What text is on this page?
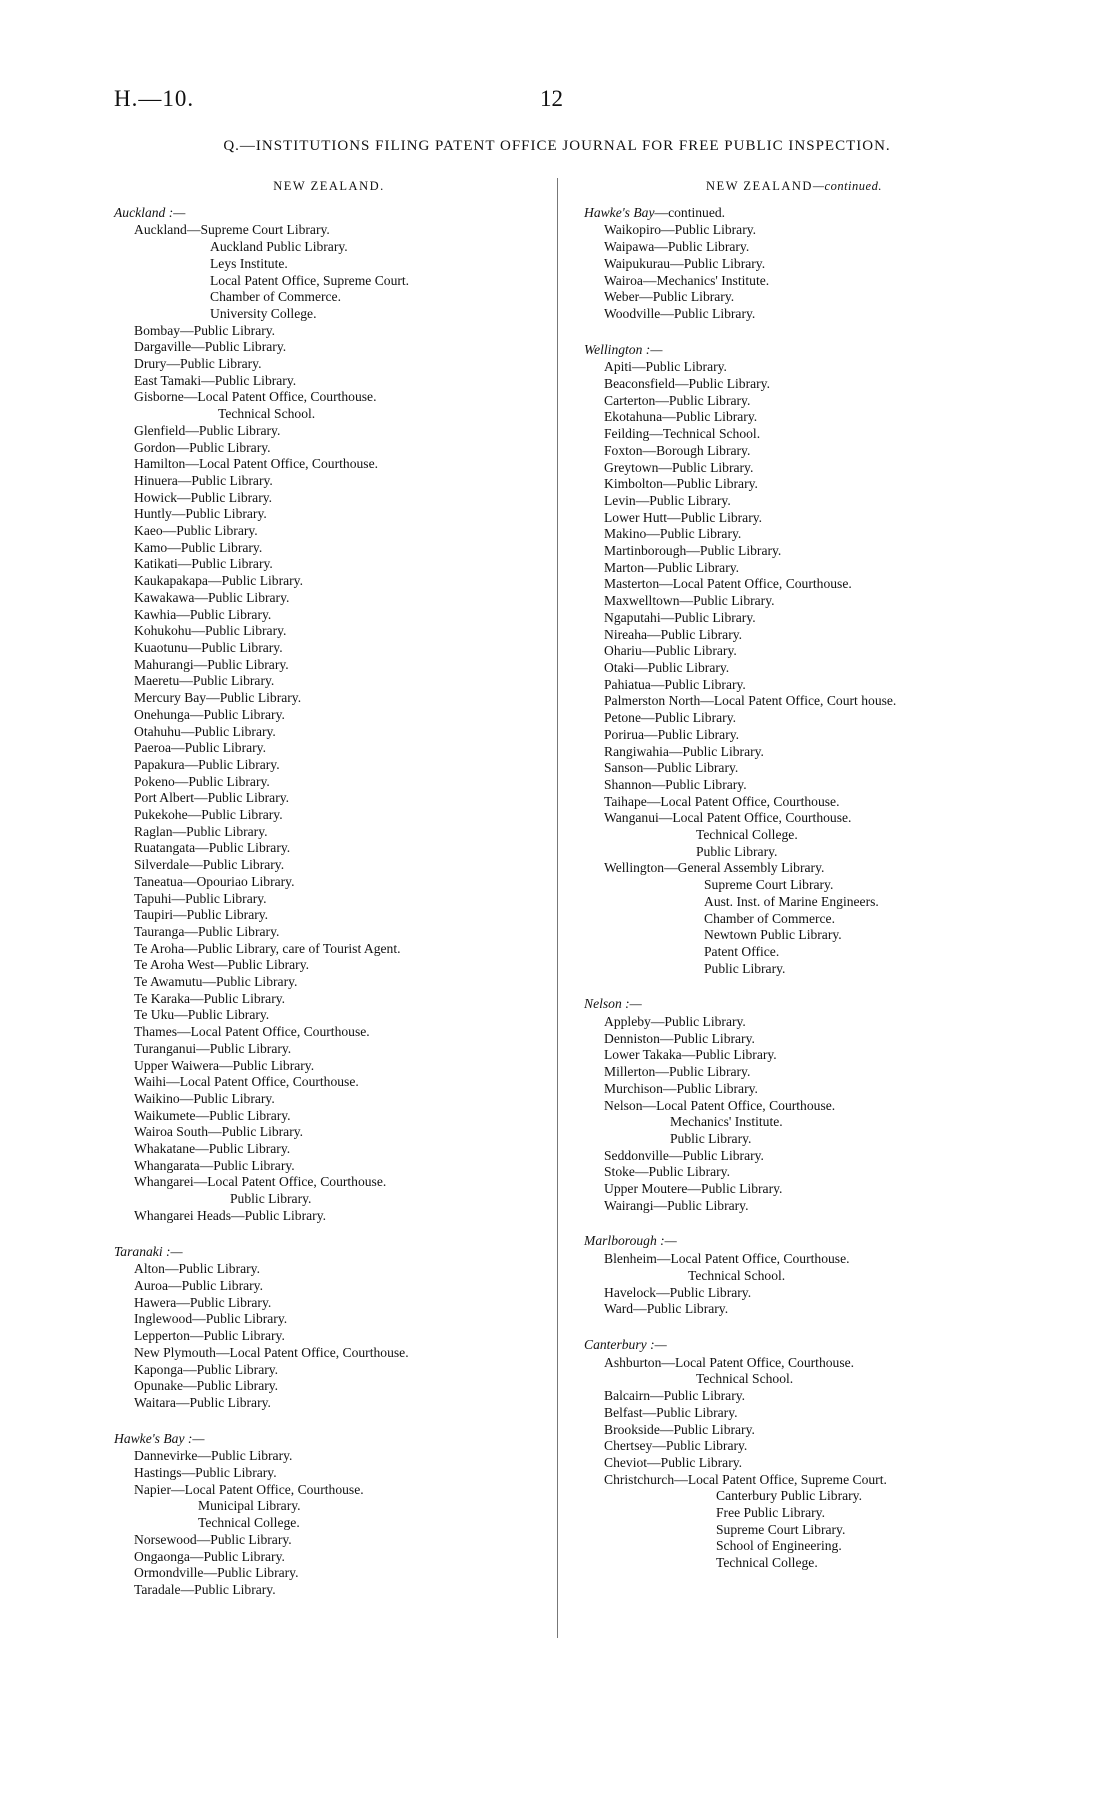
H.—10.	12
Q.—INSTITUTIONS FILING PATENT OFFICE JOURNAL FOR FREE PUBLIC INSPECTION.
NEW ZEALAND.
Auckland :—
Auckland—Supreme Court Library.
Auckland Public Library.
Leys Institute.
Local Patent Office, Supreme Court.
Chamber of Commerce.
University College.
Bombay—Public Library.
Dargaville—Public Library.
Drury—Public Library.
East Tamaki—Public Library.
Gisborne—Local Patent Office, Courthouse.
Technical School.
Glenfield—Public Library.
Gordon—Public Library.
Hamilton—Local Patent Office, Courthouse.
Hinuera—Public Library.
Howick—Public Library.
Huntly—Public Library.
Kaeo—Public Library.
Kamo—Public Library.
Katikati—Public Library.
Kaukapakapa—Public Library.
Kawakawa—Public Library.
Kawhia—Public Library.
Kohukohu—Public Library.
Kuaotunu—Public Library.
Mahurangi—Public Library.
Maeretu—Public Library.
Mercury Bay—Public Library.
Onehunga—Public Library.
Otahuhu—Public Library.
Paeroa—Public Library.
Papakura—Public Library.
Pokeno—Public Library.
Port Albert—Public Library.
Pukekohe—Public Library.
Raglan—Public Library.
Ruatangata—Public Library.
Silverdale—Public Library.
Taneatua—Opouriao Library.
Tapuhi—Public Library.
Taupiri—Public Library.
Tauranga—Public Library.
Te Aroha—Public Library, care of Tourist Agent.
Te Aroha West—Public Library.
Te Awamutu—Public Library.
Te Karaka—Public Library.
Te Uku—Public Library.
Thames—Local Patent Office, Courthouse.
Turanganui—Public Library.
Upper Waiwera—Public Library.
Waihi—Local Patent Office, Courthouse.
Waikino—Public Library.
Waikumete—Public Library.
Wairoa South—Public Library.
Whakatane—Public Library.
Whangarata—Public Library.
Whangarei—Local Patent Office, Courthouse.
Public Library.
Whangarei Heads—Public Library.
Taranaki :—
Alton—Public Library.
Auroa—Public Library.
Hawera—Public Library.
Inglewood—Public Library.
Lepperton—Public Library.
New Plymouth—Local Patent Office, Courthouse.
Kaponga—Public Library.
Opunake—Public Library.
Waitara—Public Library.
Hawke's Bay :—
Dannevirke—Public Library.
Hastings—Public Library.
Napier—Local Patent Office, Courthouse.
Municipal Library.
Technical College.
Norsewood—Public Library.
Ongaonga—Public Library.
Ormondville—Public Library.
Taradale—Public Library.
NEW ZEALAND—continued.
Hawke's Bay—continued.
Waikopiro—Public Library.
Waipawa—Public Library.
Waipukurau—Public Library.
Wairoa—Mechanics' Institute.
Weber—Public Library.
Woodville—Public Library.
Wellington :—
Apiti—Public Library.
Beaconsfield—Public Library.
Carterton—Public Library.
Ekotahuna—Public Library.
Feilding—Technical School.
Foxton—Borough Library.
Greytown—Public Library.
Kimbolton—Public Library.
Levin—Public Library.
Lower Hutt—Public Library.
Makino—Public Library.
Martinborough—Public Library.
Marton—Public Library.
Masterton—Local Patent Office, Courthouse.
Maxwelltown—Public Library.
Ngaputahi—Public Library.
Nireaha—Public Library.
Ohariu—Public Library.
Otaki—Public Library.
Pahiatua—Public Library.
Palmerston North—Local Patent Office, Court house.
Petone—Public Library.
Porirua—Public Library.
Rangiwahia—Public Library.
Sanson—Public Library.
Shannon—Public Library.
Taihape—Local Patent Office, Courthouse.
Wanganui—Local Patent Office, Courthouse.
Technical College.
Public Library.
Wellington—General Assembly Library.
Supreme Court Library.
Aust. Inst. of Marine Engineers.
Chamber of Commerce.
Newtown Public Library.
Patent Office.
Public Library.
Nelson :—
Appleby—Public Library.
Denniston—Public Library.
Lower Takaka—Public Library.
Millerton—Public Library.
Murchison—Public Library.
Nelson—Local Patent Office, Courthouse.
Mechanics' Institute.
Public Library.
Seddonville—Public Library.
Stoke—Public Library.
Upper Moutere—Public Library.
Wairangi—Public Library.
Marlborough :—
Blenheim—Local Patent Office, Courthouse.
Technical School.
Havelock—Public Library.
Ward—Public Library.
Canterbury :—
Ashburton—Local Patent Office, Courthouse.
Technical School.
Balcairn—Public Library.
Belfast—Public Library.
Brookside—Public Library.
Chertsey—Public Library.
Cheviot—Public Library.
Christchurch—Local Patent Office, Supreme Court.
Canterbury Public Library.
Free Public Library.
Supreme Court Library.
School of Engineering.
Technical College.
